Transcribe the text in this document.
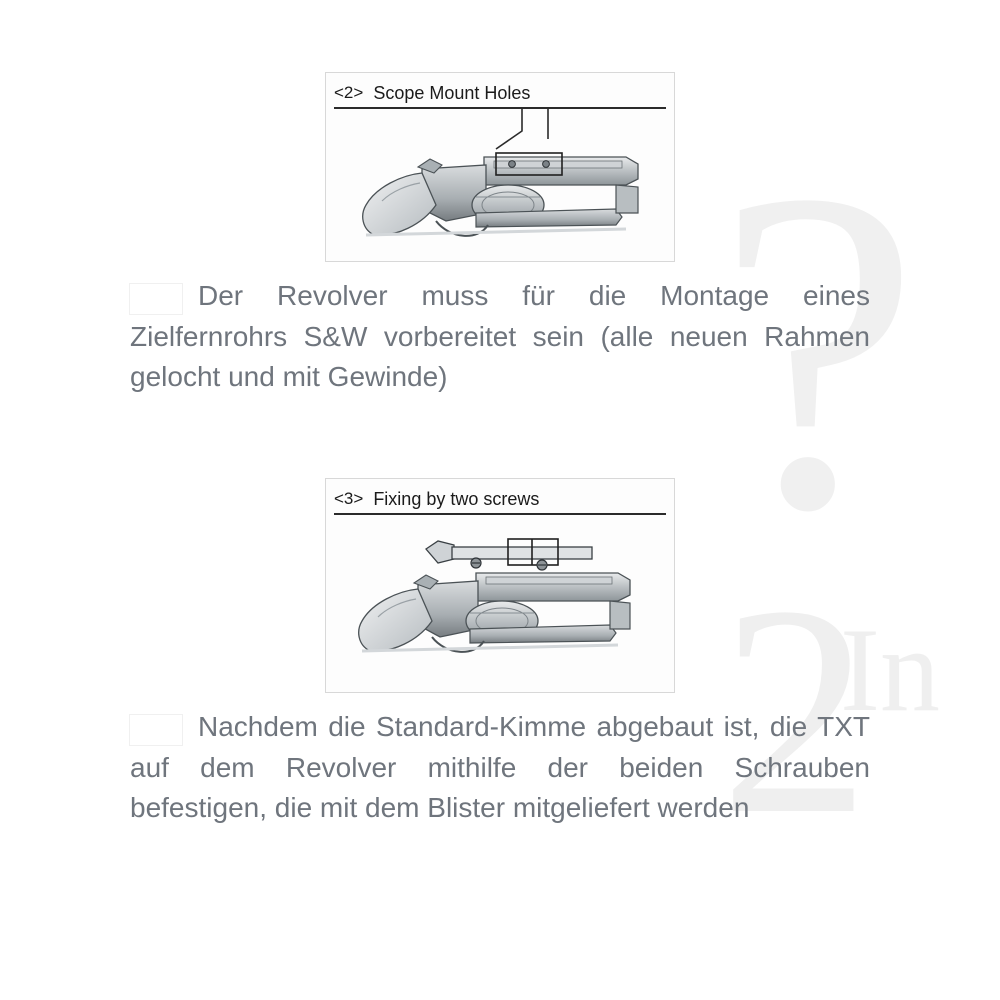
?
2
In
<2> Scope Mount Holes

Der Revolver muss für die Montage eines Zielfernrohrs S&W vorbereitet sein (alle neuen Rahmen gelocht und mit Gewinde)

<3> Fixing by two screws

Nachdem die Standard-Kimme abgebaut ist, die TXT auf dem Revolver mithilfe der beiden Schrauben befestigen, die mit dem Blister mitgeliefert werden
